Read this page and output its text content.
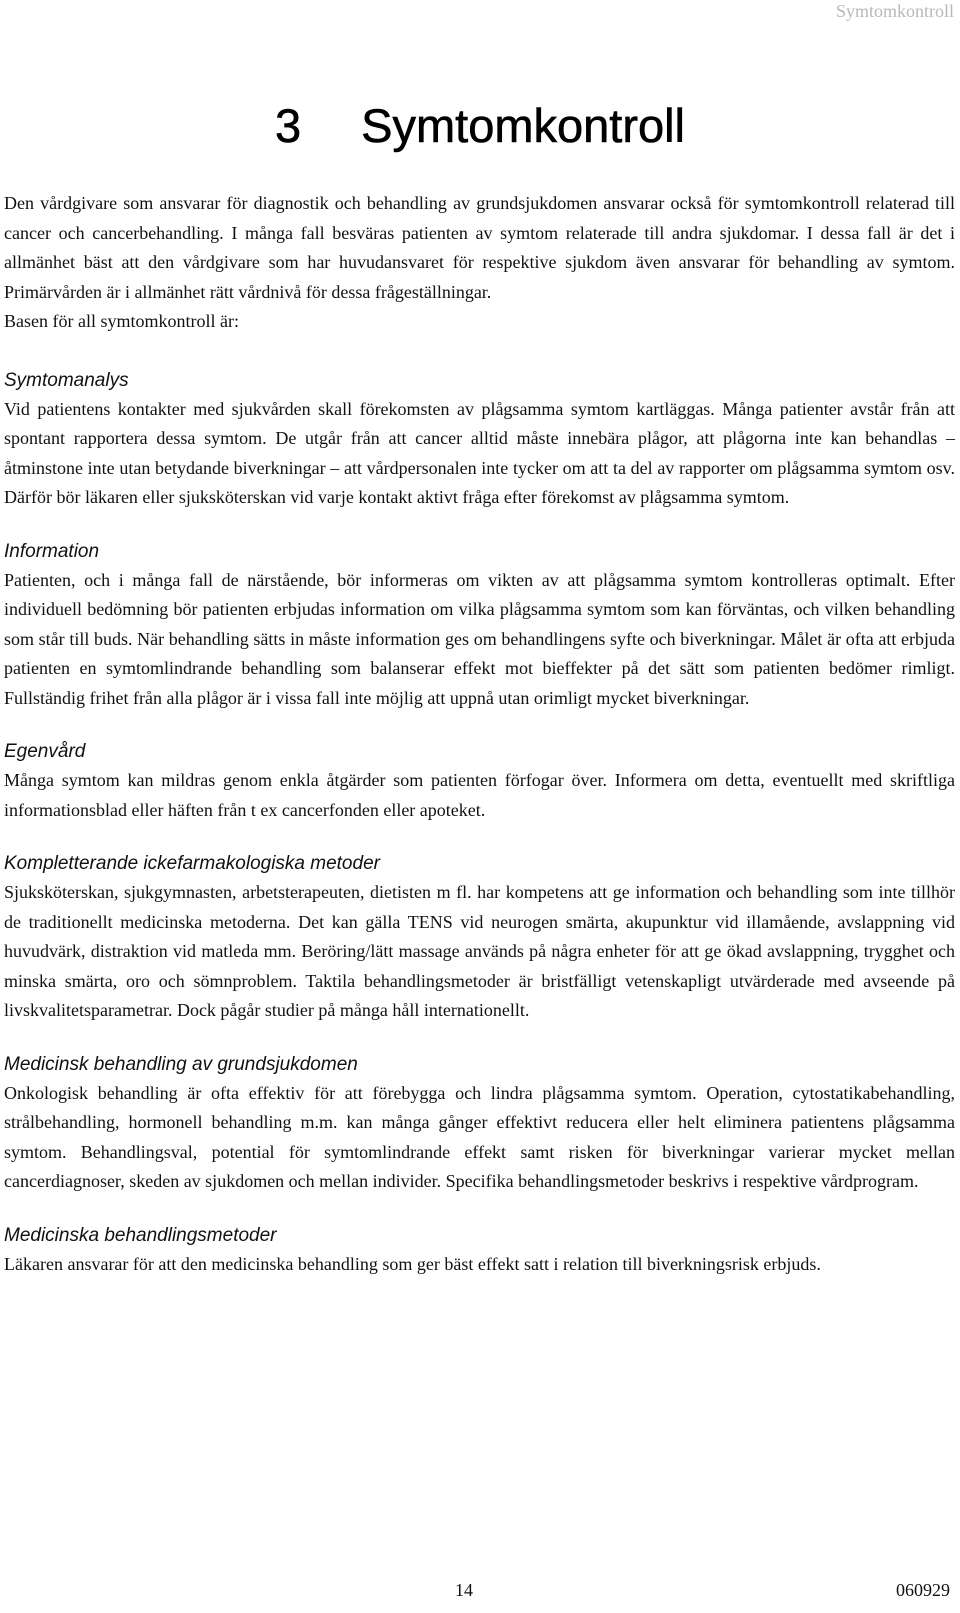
Symtomkontroll
3 Symtomkontroll

Den vårdgivare som ansvarar för diagnostik och behandling av grundsjukdomen ansvarar också för symtomkontroll relaterad till cancer och cancerbehandling. I många fall besväras patienten av symtom relaterade till andra sjukdomar. I dessa fall är det i allmänhet bäst att den vårdgivare som har huvudansvaret för respektive sjukdom även ansvarar för behandling av symtom. Primärvården är i allmänhet rätt vårdnivå för dessa frågeställningar.

Basen för all symtomkontroll är:

Symtomanalys

Vid patientens kontakter med sjukvården skall förekomsten av plågsamma symtom kartläggas. Många patienter avstår från att spontant rapportera dessa symtom. De utgår från att cancer alltid måste innebära plågor, att plågorna inte kan behandlas – åtminstone inte utan betydande biverkningar – att vårdpersonalen inte tycker om att ta del av rapporter om plågsamma symtom osv. Därför bör läkaren eller sjuksköterskan vid varje kontakt aktivt fråga efter förekomst av plågsamma symtom.

Information

Patienten, och i många fall de närstående, bör informeras om vikten av att plågsamma symtom kontrolleras optimalt. Efter individuell bedömning bör patienten erbjudas information om vilka plågsamma symtom som kan förväntas, och vilken behandling som står till buds. När behandling sätts in måste information ges om behandlingens syfte och biverkningar. Målet är ofta att erbjuda patienten en symtomlindrande behandling som balanserar effekt mot bieffekter på det sätt som patienten bedömer rimligt. Fullständig frihet från alla plågor är i vissa fall inte möjlig att uppnå utan orimligt mycket biverkningar.

Egenvård

Många symtom kan mildras genom enkla åtgärder som patienten förfogar över. Informera om detta, eventuellt med skriftliga informationsblad eller häften från t ex cancerfonden eller apoteket.

Kompletterande ickefarmakologiska metoder

Sjuksköterskan, sjukgymnasten, arbetsterapeuten, dietisten m fl. har kompetens att ge information och behandling som inte tillhör de traditionellt medicinska metoderna. Det kan gälla TENS vid neurogen smärta, akupunktur vid illamående, avslappning vid huvudvärk, distraktion vid matleda mm. Beröring/lätt massage används på några enheter för att ge ökad avslappning, trygghet och minska smärta, oro och sömnproblem. Taktila behandlingsmetoder är bristfälligt vetenskapligt utvärderade med avseende på livskvalitetsparametrar. Dock pågår studier på många håll internationellt.

Medicinsk behandling av grundsjukdomen

Onkologisk behandling är ofta effektiv för att förebygga och lindra plågsamma symtom. Operation, cytostatikabehandling, strålbehandling, hormonell behandling m.m. kan många gånger effektivt reducera eller helt eliminera patientens plågsamma symtom. Behandlingsval, potential för symtomlindrande effekt samt risken för biverkningar varierar mycket mellan cancerdiagnoser, skeden av sjukdomen och mellan individer. Specifika behandlingsmetoder beskrivs i respektive vårdprogram.

Medicinska behandlingsmetoder

Läkaren ansvarar för att den medicinska behandling som ger bäst effekt satt i relation till biverkningsrisk erbjuds.

14	060929
